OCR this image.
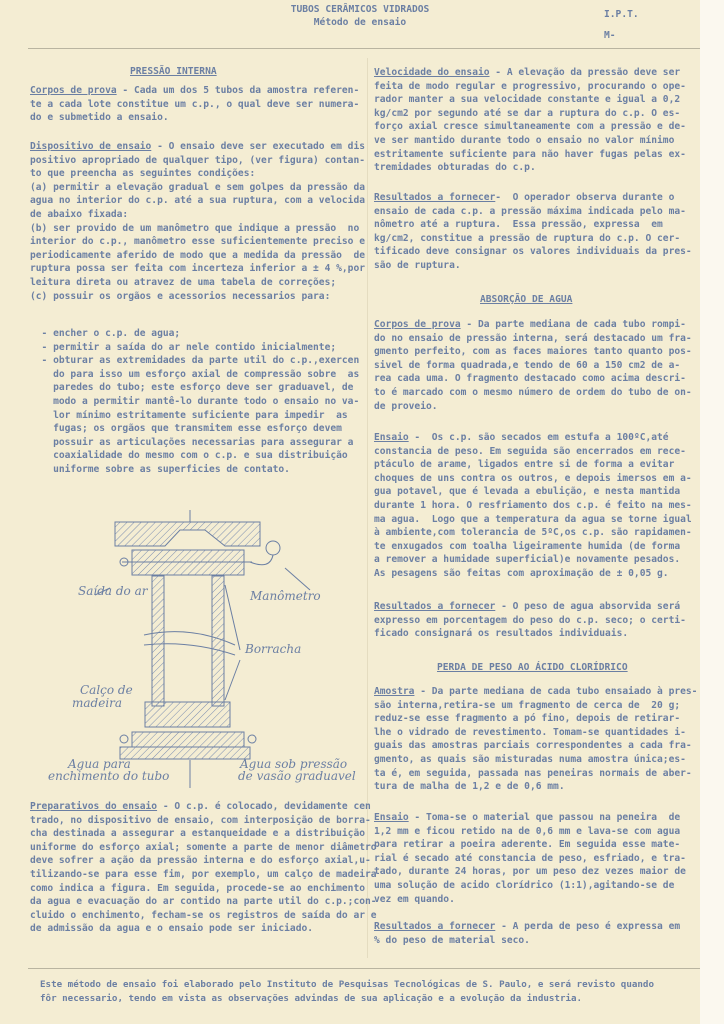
TUBOS CERÂMICOS VIDRADOS
Método de ensaio
I.P.T.
M-
PRESSÃO INTERNA
Corpos de prova - Cada um dos 5 tubos da amostra referen-
te a cada lote constitue um c.p., o qual deve ser numera-
do e submetido a ensaio.
Dispositivo de ensaio - O ensaio deve ser executado em dis
positivo apropriado de qualquer tipo, (ver figura) contan-
to que preencha as seguintes condições:
(a) permitir a elevação gradual e sem golpes da pressão da
agua no interior do c.p. até a sua ruptura, com a velocida
de abaixo fixada:
(b) ser provido de um manômetro que indique a pressão  no
interior do c.p., manômetro esse suficientemente preciso e
periodicamente aferido de modo que a medida da pressão  de
ruptura possa ser feita com incerteza inferior a ± 4 %,por
leitura direta ou atravez de uma tabela de correções;
(c) possuir os orgãos e acessorios necessarios para:
- encher o c.p. de agua;
- permitir a saída do ar nele contido inicialmente;
- obturar as extremidades da parte util do c.p.,exercen
do para isso um esforço axial de compressão sobre  as
paredes do tubo; este esforço deve ser graduavel, de
modo a permitir mantê-lo durante todo o ensaio no va-
lor mínimo estritamente suficiente para impedir  as
fugas; os orgãos que transmitem esse esforço devem
possuir as articulações necessarias para assegurar a
coaxialidade do mesmo com o c.p. e sua distribuição
uniforme sobre as superficies de contato.
Saída do ar	Manômetro
Borracha
Calço de
madeira
Agua para
enchimento do tubo
Agua sob pressão
de vasão graduavel
Preparativos do ensaio - O c.p. é colocado, devidamente cen
trado, no dispositivo de ensaio, com interposição de borra-
cha destinada a assegurar a estanqueidade e a distribuição
uniforme do esforço axial; somente a parte de menor diâmetro
deve sofrer a ação da pressão interna e do esforço axial,u-
tilizando-se para esse fim, por exemplo, um calço de madeira
como indica a figura. Em seguida, procede-se ao enchimento
da agua e evacuação do ar contido na parte util do c.p.;con-
cluido o enchimento, fecham-se os registros de saída do ar e
de admissão da agua e o ensaio pode ser iniciado.
Velocidade do ensaio - A elevação da pressão deve ser
feita de modo regular e progressivo, procurando o ope-
rador manter a sua velocidade constante e igual a 0,2
kg/cm2 por segundo até se dar a ruptura do c.p. O es-
forço axial cresce simultaneamente com a pressão e de-
ve ser mantido durante todo o ensaio no valor mínimo
estritamente suficiente para não haver fugas pelas ex-
tremidades obturadas do c.p.
Resultados a fornecer-  O operador observa durante o
ensaio de cada c.p. a pressão máxima indicada pelo ma-
nômetro até a ruptura.  Essa pressão, expressa  em
kg/cm2, constitue a pressão de ruptura do c.p. O cer-
tificado deve consignar os valores individuais da pres-
são de ruptura.
ABSORÇÃO DE AGUA
Corpos de prova - Da parte mediana de cada tubo rompi-
do no ensaio de pressão interna, será destacado um fra-
gmento perfeito, com as faces maiores tanto quanto pos-
sivel de forma quadrada,e tendo de 60 a 150 cm2 de a-
rea cada uma. O fragmento destacado como acima descri-
to é marcado com o mesmo número de ordem do tubo de on-
de proveio.
Ensaio -  Os c.p. são secados em estufa a 100ºC,até
constancia de peso. Em seguida são encerrados em rece-
ptáculo de arame, ligados entre si de forma a evitar
choques de uns contra os outros, e depois imersos em a-
gua potavel, que é levada a ebulição, e nesta mantida
durante 1 hora. O resfriamento dos c.p. é feito na mes-
ma agua.  Logo que a temperatura da agua se torne igual
à ambiente,com tolerancia de 5ºC,os c.p. são rapidamen-
te enxugados com toalha ligeiramente humida (de forma
a remover a humidade superficial)e novamente pesados.
As pesagens são feitas com aproximação de ± 0,05 g.
Resultados a fornecer - O peso de agua absorvida será
expresso em porcentagem do peso do c.p. seco; o certi-
ficado consignará os resultados individuais.
PERDA DE PESO AO ÁCIDO CLORÍDRICO
Amostra - Da parte mediana de cada tubo ensaiado à pres-
são interna,retira-se um fragmento de cerca de  20 g;
reduz-se esse fragmento a pó fino, depois de retirar-
lhe o vidrado de revestimento. Tomam-se quantidades i-
guais das amostras parciais correspondentes a cada fra-
gmento, as quais são misturadas numa amostra única;es-
ta é, em seguida, passada nas peneiras normais de aber-
tura de malha de 1,2 e de 0,6 mm.
Ensaio - Toma-se o material que passou na peneira  de
1,2 mm e ficou retido na de 0,6 mm e lava-se com agua
para retirar a poeira aderente. Em seguida esse mate-
rial é secado até constancia de peso, esfriado, e tra-
tado, durante 24 horas, por um peso dez vezes maior de
uma solução de acido clorídrico (1:1),agitando-se de
vez em quando.
Resultados a fornecer - A perda de peso é expressa em
% do peso de material seco.
Este método de ensaio foi elaborado pelo Instituto de Pesquisas Tecnológicas de S. Paulo, e será revisto quando
fôr necessario, tendo em vista as observações advindas de sua aplicação e a evolução da industria.
